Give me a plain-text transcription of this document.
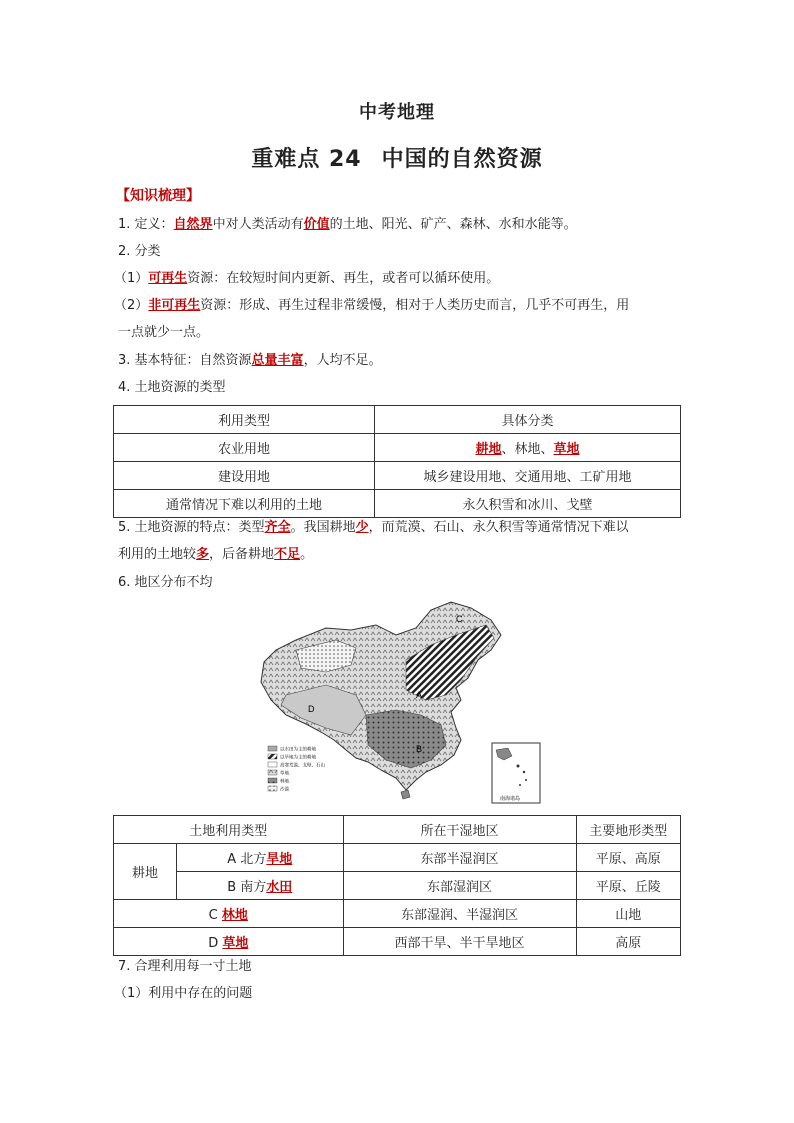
中考地理
重难点 24 中国的自然资源
【知识梳理】
1. 定义：自然界中对人类活动有价值的土地、阳光、矿产、森林、水和水能等。
2. 分类
（1）可再生资源：在较短时间内更新、再生，或者可以循环使用。
（2）非可再生资源：形成、再生过程非常缓慢，相对于人类历史而言，几乎不可再生，用
一点就少一点。
3. 基本特征：自然资源总量丰富，人均不足。
4. 土地资源的类型
利用类型	具体分类
农业用地	耕地、林地、草地
建设用地	城乡建设用地、交通用地、工矿用地
通常情况下难以利用的土地	永久积雪和冰川、戈壁
5. 土地资源的特点：类型齐全。我国耕地少，而荒漠、石山、永久积雪等通常情况下难以
利用的土地较多，后备耕地不足。
6. 地区分布不均
C
A
B
D
以水田为主的耕地
以旱地为主的耕地
高寒荒漠、戈壁、石山
草地
林地
沙漠
南海诸岛
土地利用类型		所在干湿地区	主要地形类型
耕地	A 北方旱地	东部半湿润区	平原、高原
	B 南方水田	东部湿润区	平原、丘陵
C 林地		东部湿润、半湿润区	山地
D 草地		西部干旱、半干旱地区	高原
7. 合理利用每一寸土地
（1）利用中存在的问题
